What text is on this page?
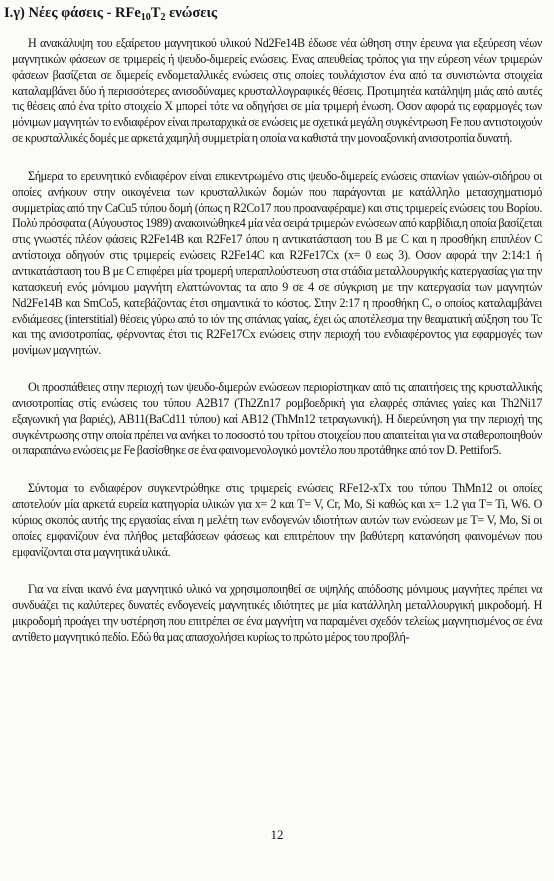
I.γ) Νέες φάσεις - $RFe_{10}T_2$ ενώσεις

Η ανακάλυψη του εξαίρετου μαγνητικού υλικού Nd2Fe14B έδωσε νέα ώθηση στην έρευνα για εξεύρεση νέων μαγνητικών φάσεων σε τριμερείς ή ψευδο-διμερείς ενώσεις. Ενας απευθείας τρόπος για την εύρεση νέων τριμερών φάσεων βασίζεται σε διμερείς ενδομεταλλικές ενώσεις στις οποίες τουλάχιστον ένα από τα συνιστώντα στοιχεία καταλαμβάνει δύο ή περισσότερες ανισοδύναμες κρυσταλλογραφικές θέσεις. Προτιμητέα κατάληψη μιάς από αυτές τις θέσεις από ένα τρίτο στοιχείο X μπορεί τότε να οδηγήσει σε μία τριμερή ένωση. Οσον αφορά τις εφαρμογές των μόνιμων μαγνητών το ενδιαφέρον είναι πρωταρχικά σε ενώσεις με σχετικά μεγάλη συγκέντρωση Fe που αντιστοιχούν σε κρυσταλλικές δομές με αρκετά χαμηλή συμμετρία η οποία να καθιστά την μονοαξονική ανισοτροπία δυνατή.

Σήμερα το ερευνητικό ενδιαφέρον είναι επικεντρωμένο στις ψευδο-διμερείς ενώσεις σπανίων γαιών-σιδήρου οι οποίες ανήκουν στην οικογένεια των κρυσταλλικών δομών που παράγονται με κατάλληλο μετασχηματισμό συμμετρίας από την CaCu5 τύπου δομή (όπως η R2Co17 που προαναφέραμε) και στις τριμερείς ενώσεις του Βορίου. Πολύ πρόσφατα (Αύγουστος 1989) ανακοινώθηκε4 μία νέα σειρά τριμερών ενώσεων από καρβίδια,η οποία βασίζεται στις γνωστές πλέον φάσεις R2Fe14B και R2Fe17 όπου η αντικατάσταση του B με C και η προσθήκη επιπλέον C αντίστοιχα οδηγούν στις τριμερείς ενώσεις R2Fe14C και R2Fe17Cx (x= 0 εως 3). Οσον αφορά την 2:14:1 ή αντικατάσταση του B με C επιφέρει μία τρομερή υπεραπλούστευση στα στάδια μεταλλουργικής κατεργασίας για την κατασκευή ενός μόνιμου μαγνήτη ελαττώνοντας τα απο 9 σε 4 σε σύγκριση με την κατεργασία των μαγνητών Nd2Fe14B και SmCo5, κατεβάζοντας έτσι σημαντικά το κόστος. Στην 2:17 η προσθήκη C, ο οποίος καταλαμβάνει ενδιάμεσες (interstitial) θέσεις γύρω από το ιόν της σπάνιας γαίας, έχει ώς αποτέλεσμα την θεαματική αύξηση του Tc και της ανισοτροπίας, φέρνοντας έτσι τις R2Fe17Cx ενώσεις στην περιοχή του ενδιαφέροντος για εφαρμογές των μονίμων μαγνητών.

Οι προσπάθειες στην περιοχή των ψευδο-διμερών ενώσεων περιορίστηκαν από τις απαιτήσεις της κρυσταλλικής ανισοτροπίας στίς ενώσεις του τύπου A2B17 (Th2Zn17 ρομβοεδρική για ελαφρές σπάνιες γαίες και Th2Ni17 εξαγωνική για βαριές), AB11(BaCd11 τύπου) καί AB12 (ThMn12 τετραγωνική). Η διερεύνηση για την περιοχή της συγκέντρωσης στην οποία πρέπει να ανήκει το ποσοστό του τρίτου στοιχείου που απαιτείται για να σταθεροποιηθούν οι παραπάνω ενώσεις με Fe βασίσθηκε σε ένα φαινομενολογικό μοντέλο που προτάθηκε από τον D. Pettifor5.

Σύντομα το ενδιαφέρον συγκεντρώθηκε στις τριμερείς ενώσεις RFe12-xTx του τύπου ThMn12 οι οποίες αποτελούν μία αρκετά ευρεία κατηγορία υλικών για x= 2 και T= V, Cr, Mo, Si καθώς και x= 1.2 για T= Ti, W6. Ο κύριος σκοπός αυτής της εργασίας είναι η μελέτη των ενδογενών ιδιοτήτων αυτών των ενώσεων με T= V, Mo, Si οι οποίες εμφανίζουν ένα πλήθος μεταβάσεων φάσεως και επιτρέπουν την βαθύτερη κατανόηση φαινομένων που εμφανίζονται στα μαγνητικά υλικά.

Για να είναι ικανό ένα μαγνητικό υλικό να χρησιμοποιηθεί σε υψηλής απόδοσης μόνιμους μαγνήτες πρέπει να συνδυάζει τις καλύτερες δυνατές ενδογενείς μαγνητικές ιδιότητες με μία κατάλληλη μεταλλουργική μικροδομή. Η μικροδομή προάγει την υστέρηση που επιτρέπει σε ένα μαγνήτη να παραμένει σχεδόν τελείως μαγνητισμένος σε ένα αντίθετο μαγνητικό πεδίο. Εδώ θα μας απασχολήσει κυρίως το πρώτο μέρος του προβλή-

12
